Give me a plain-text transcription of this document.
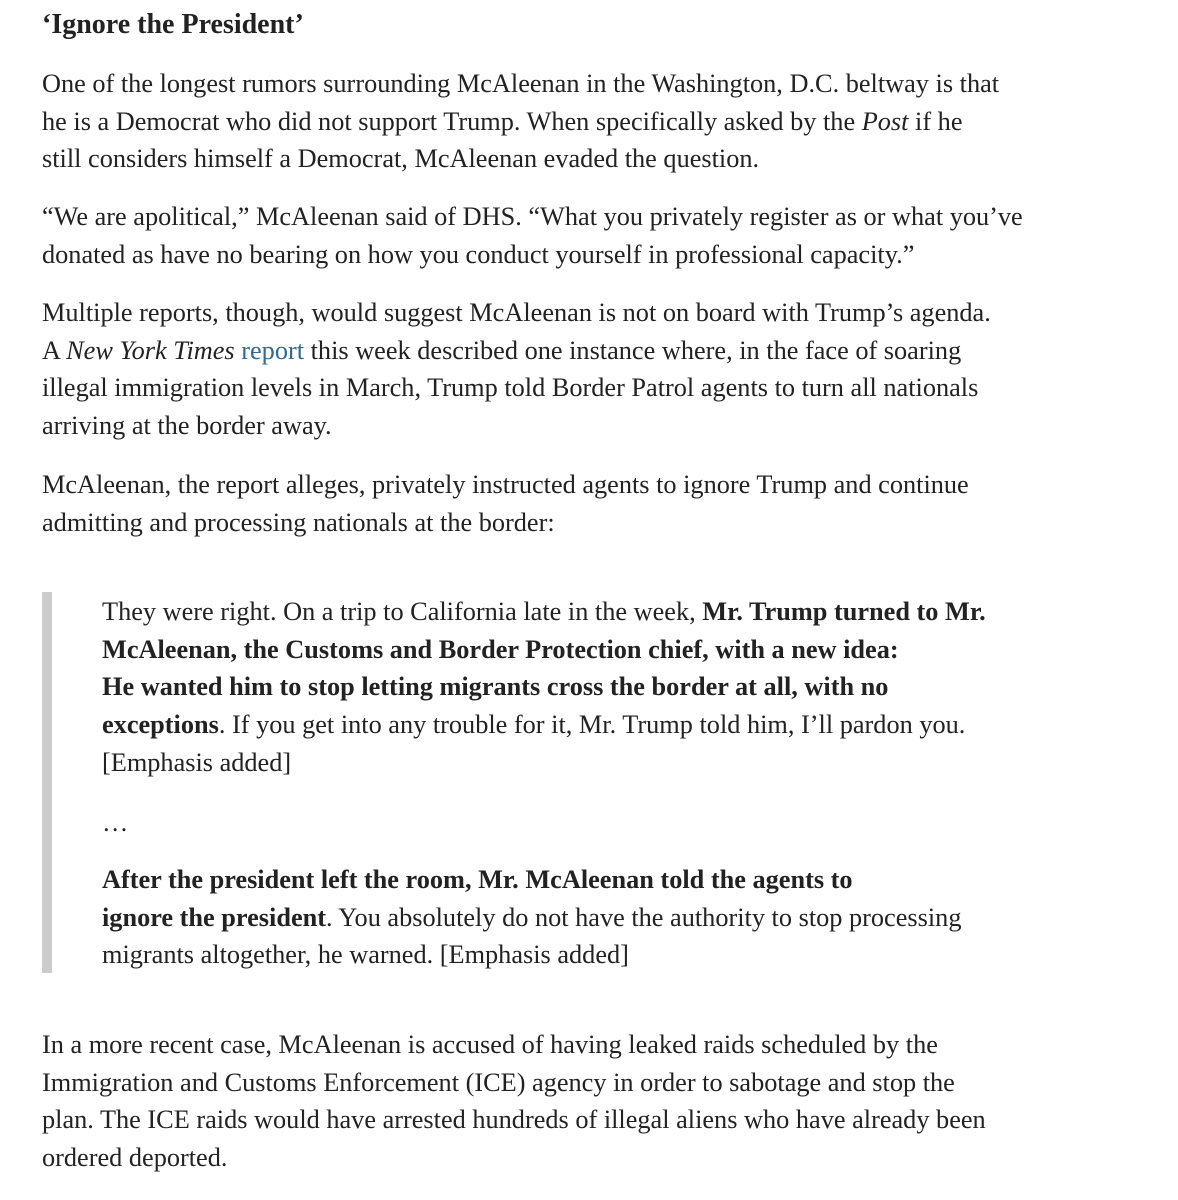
‘Ignore the President’

One of the longest rumors surrounding McAleenan in the Washington, D.C. beltway is that
he is a Democrat who did not support Trump. When specifically asked by the Post if he
still considers himself a Democrat, McAleenan evaded the question.

“We are apolitical,” McAleenan said of DHS. “What you privately register as or what you’ve
donated as have no bearing on how you conduct yourself in professional capacity.”

Multiple reports, though, would suggest McAleenan is not on board with Trump’s agenda.
A New York Times report this week described one instance where, in the face of soaring
illegal immigration levels in March, Trump told Border Patrol agents to turn all nationals
arriving at the border away.

McAleenan, the report alleges, privately instructed agents to ignore Trump and continue
admitting and processing nationals at the border:

They were right. On a trip to California late in the week, Mr. Trump turned to Mr.
McAleenan, the Customs and Border Protection chief, with a new idea:
He wanted him to stop letting migrants cross the border at all, with no
exceptions. If you get into any trouble for it, Mr. Trump told him, I’ll pardon you.
[Emphasis added]

…

After the president left the room, Mr. McAleenan told the agents to
ignore the president. You absolutely do not have the authority to stop processing
migrants altogether, he warned. [Emphasis added]

In a more recent case, McAleenan is accused of having leaked raids scheduled by the
Immigration and Customs Enforcement (ICE) agency in order to sabotage and stop the
plan. The ICE raids would have arrested hundreds of illegal aliens who have already been
ordered deported.
